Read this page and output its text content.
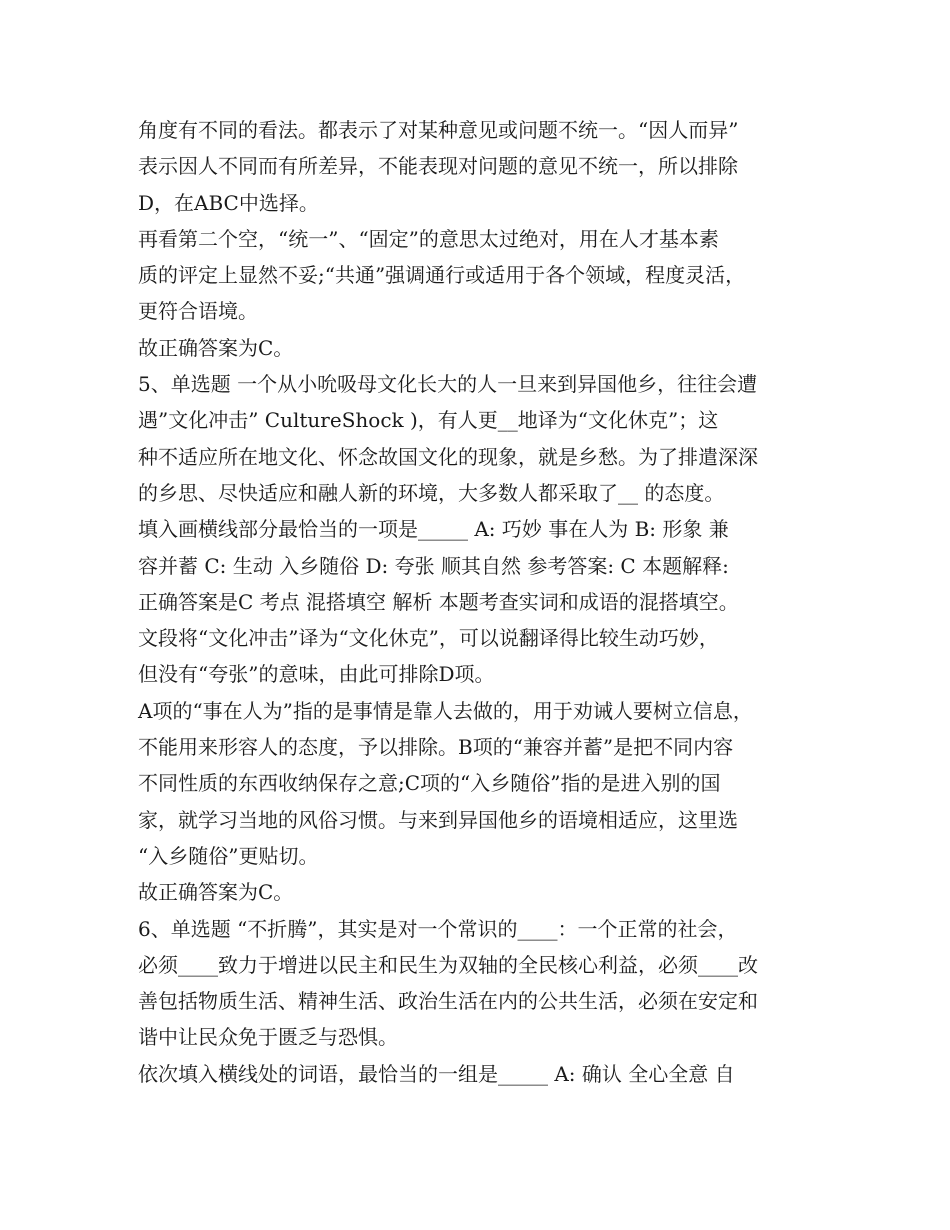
角度有不同的看法。都表示了对某种意见或问题不统一。“因人而异”
表示因人不同而有所差异，不能表现对问题的意见不统一，所以排除
D，在ABC中选择。
再看第二个空，“统一”、“固定”的意思太过绝对，用在人才基本素
质的评定上显然不妥;“共通”强调通行或适用于各个领域，程度灵活，
更符合语境。
故正确答案为C。
5、单选题 一个从小吮吸母文化长大的人一旦来到异国他乡，往往会遭
遇”文化冲击” CultureShock )，有人更__地译为“文化休克”；这
种不适应所在地文化、怀念故国文化的现象，就是乡愁。为了排遣深深
的乡思、尽快适应和融人新的环境，大多数人都采取了__ 的态度。
填入画横线部分最恰当的一项是_____ A: 巧妙 事在人为 B: 形象 兼
容并蓄 C: 生动 入乡随俗 D: 夸张 顺其自然 参考答案: C 本题解释:
正确答案是C 考点 混搭填空 解析 本题考查实词和成语的混搭填空。
文段将“文化冲击”译为“文化休克”，可以说翻译得比较生动巧妙，
但没有“夸张”的意味，由此可排除D项。
A项的“事在人为”指的是事情是靠人去做的，用于劝诫人要树立信息，
不能用来形容人的态度，予以排除。B项的“兼容并蓄”是把不同内容
不同性质的东西收纳保存之意;C项的“入乡随俗”指的是进入别的国
家，就学习当地的风俗习惯。与来到异国他乡的语境相适应，这里选
“入乡随俗”更贴切。
故正确答案为C。
6、单选题 “不折腾”，其实是对一个常识的____：一个正常的社会，
必须____致力于增进以民主和民生为双轴的全民核心利益，必须____改
善包括物质生活、精神生活、政治生活在内的公共生活，必须在安定和
谐中让民众免于匮乏与恐惧。
依次填入横线处的词语，最恰当的一组是_____ A: 确认 全心全意 自
